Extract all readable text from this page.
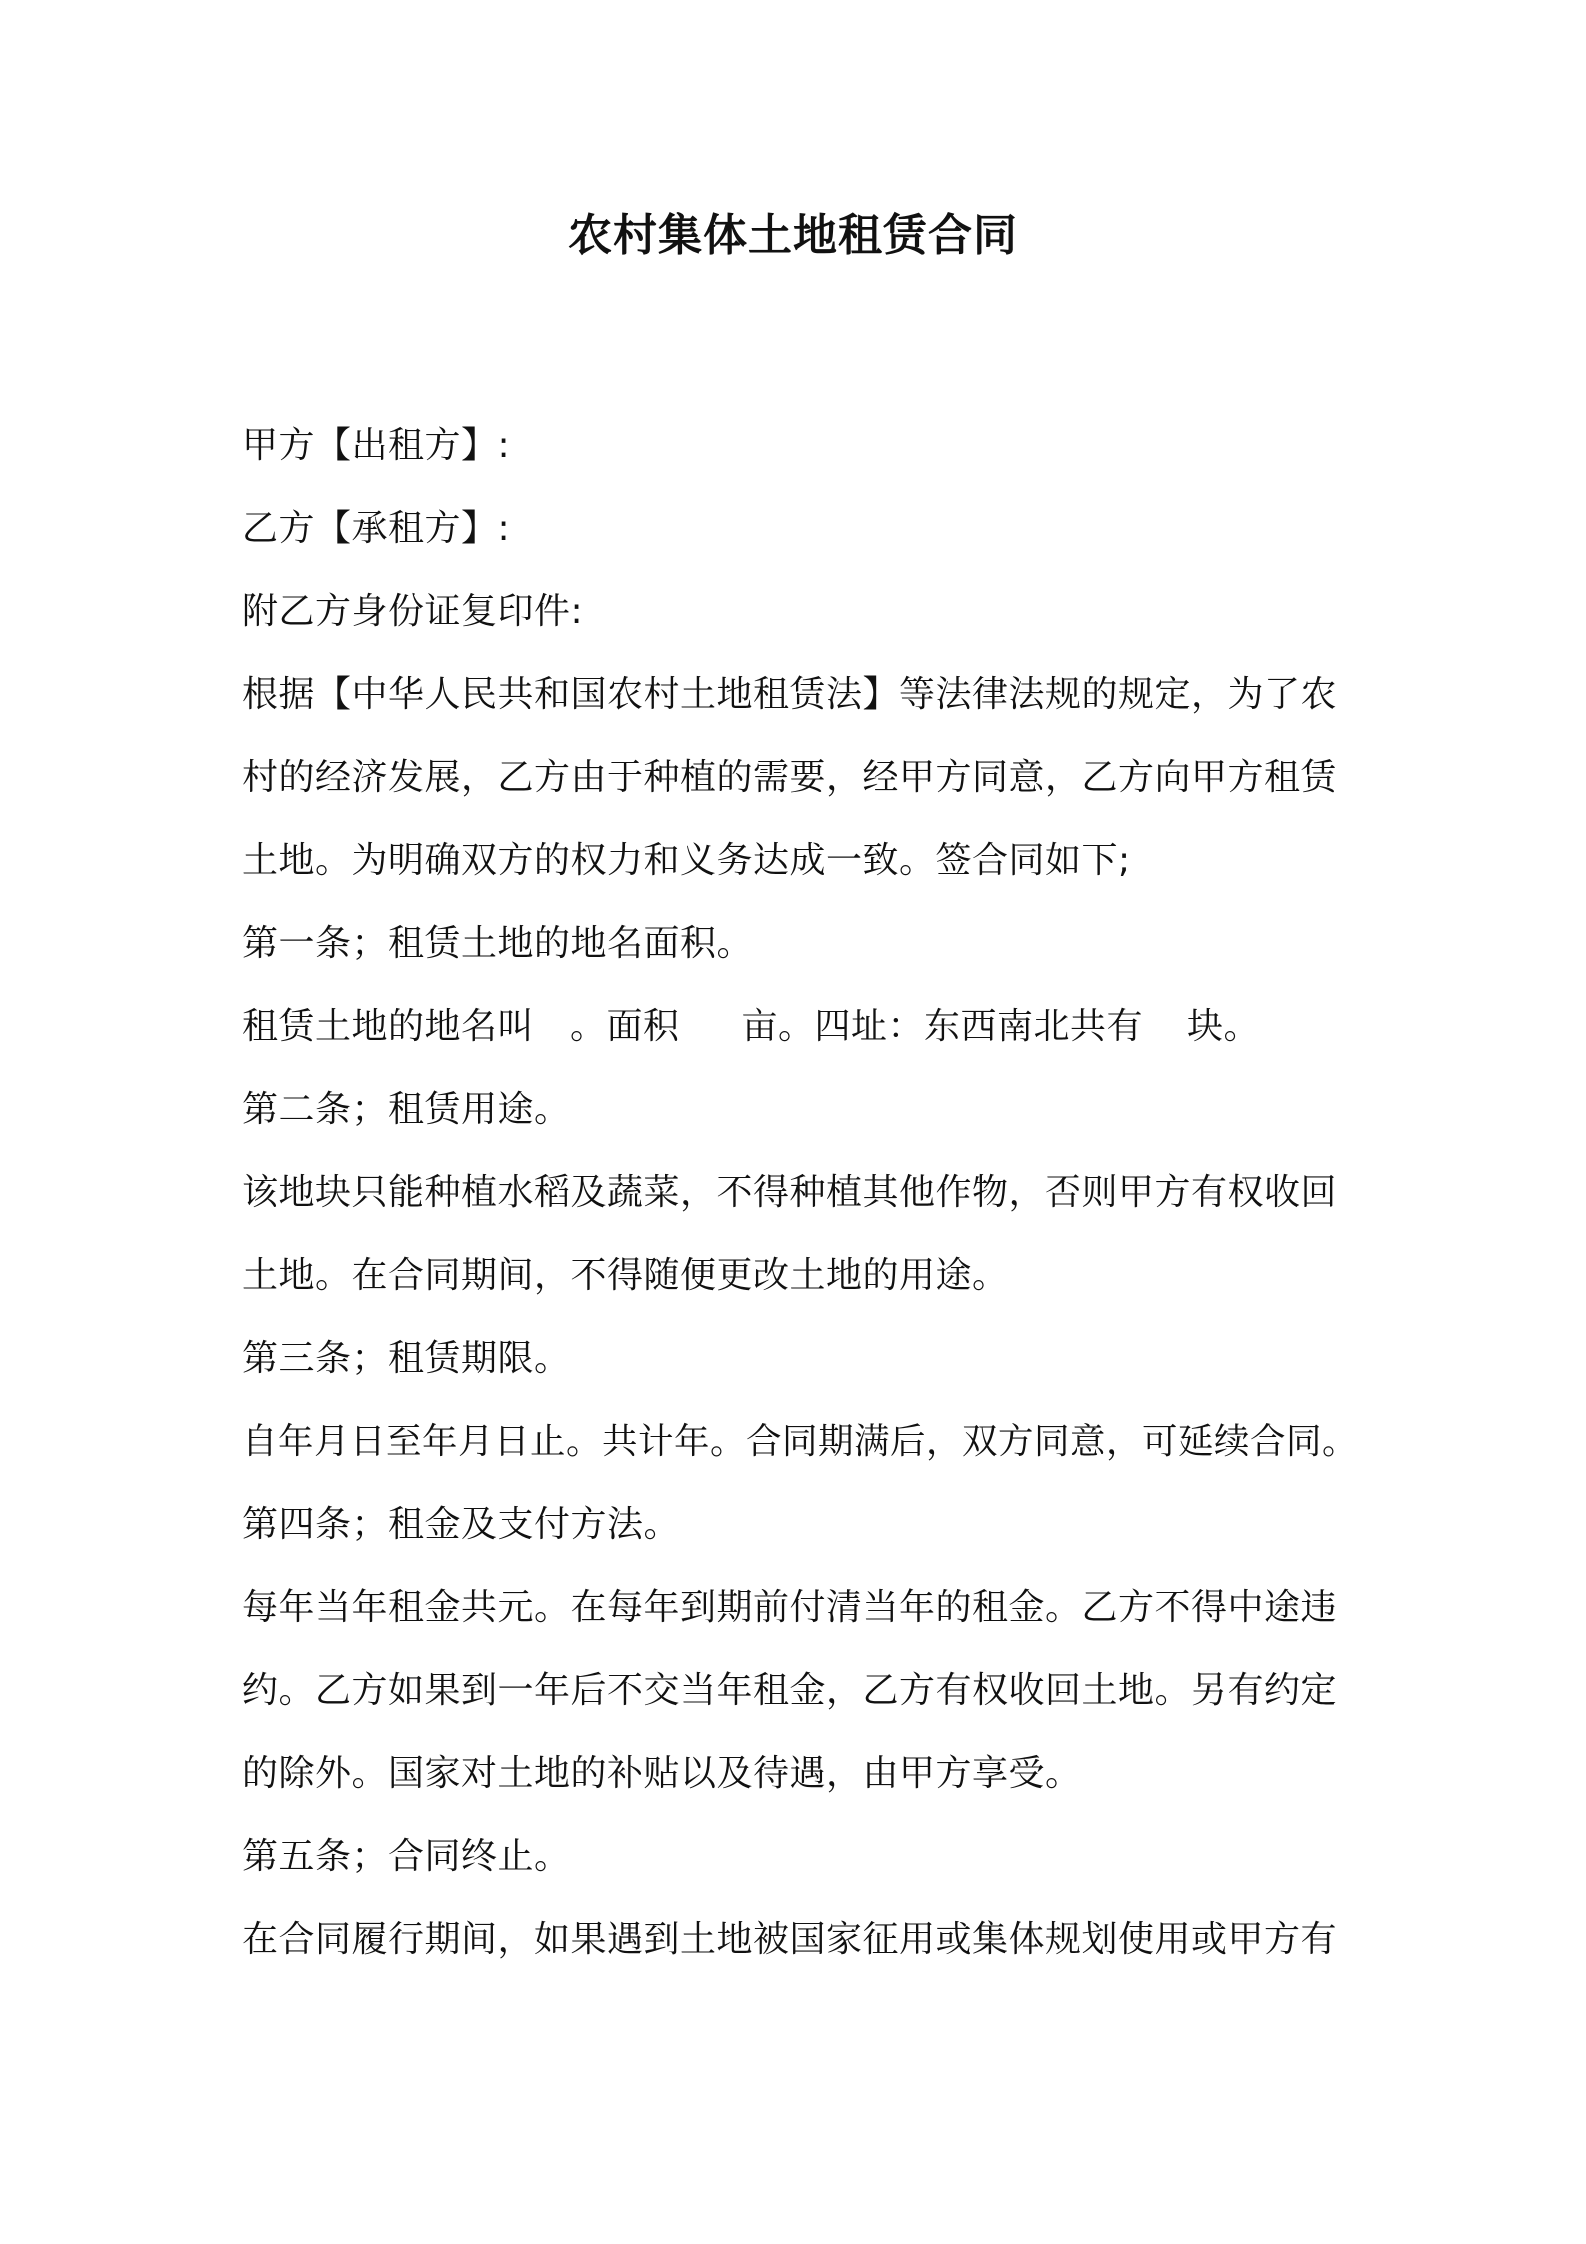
农村集体土地租赁合同
甲方【出租方】:
乙方【承租方】:
附乙方身份证复印件:
根据【中华人民共和国农村土地租赁法】等法律法规的规定，为了农
村的经济发展，乙方由于种植的需要，经甲方同意，乙方向甲方租赁
土地。为明确双方的权力和义务达成一致。签合同如下;
第一条；租赁土地的地名面积。
租赁土地的地名叫 。面积 亩。四址：东西南北共有 块。
第二条；租赁用途。
该地块只能种植水稻及蔬菜，不得种植其他作物，否则甲方有权收回
土地。在合同期间，不得随便更改土地的用途。
第三条；租赁期限。
自年月日至年月日止。共计年。合同期满后，双方同意，可延续合同。
第四条；租金及支付方法。
每年当年租金共元。在每年到期前付清当年的租金。乙方不得中途违
约。乙方如果到一年后不交当年租金，乙方有权收回土地。另有约定
的除外。国家对土地的补贴以及待遇，由甲方享受。
第五条；合同终止。
在合同履行期间，如果遇到土地被国家征用或集体规划使用或甲方有
